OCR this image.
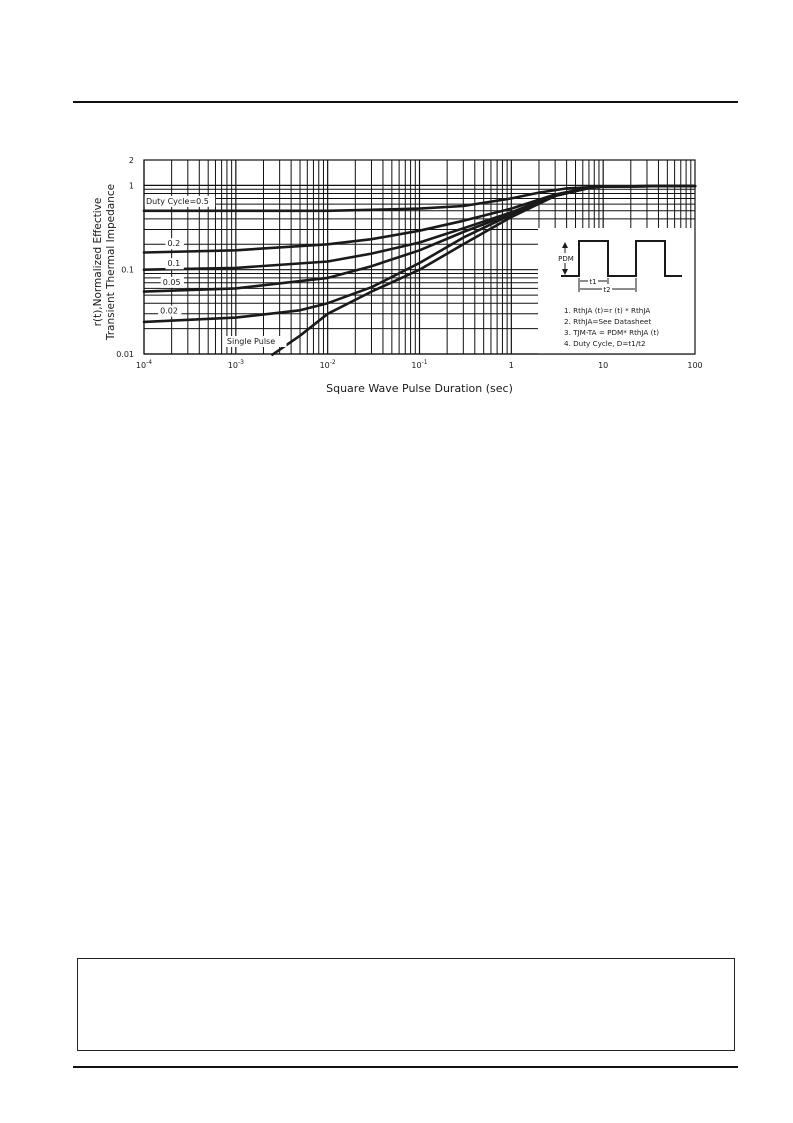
PDM
t1
t2
1. RthJA (t)=r (t) * RthJA
2. RthJA=See Datasheet
3. TJM-TA = PDM* RthJA (t)
4. Duty Cycle, D=t1/t2
Duty Cycle=0.5
0.2
0.1
0.05
0.02
Single Pulse
0.01
0.1
1
2
$10^{-4}$	$10^{-3}$	$10^{-2}$	$10^{-1}$	1	10	100
Square Wave Pulse Duration (sec)
r(t),Normalized Effective Transient Thermal Impedance
